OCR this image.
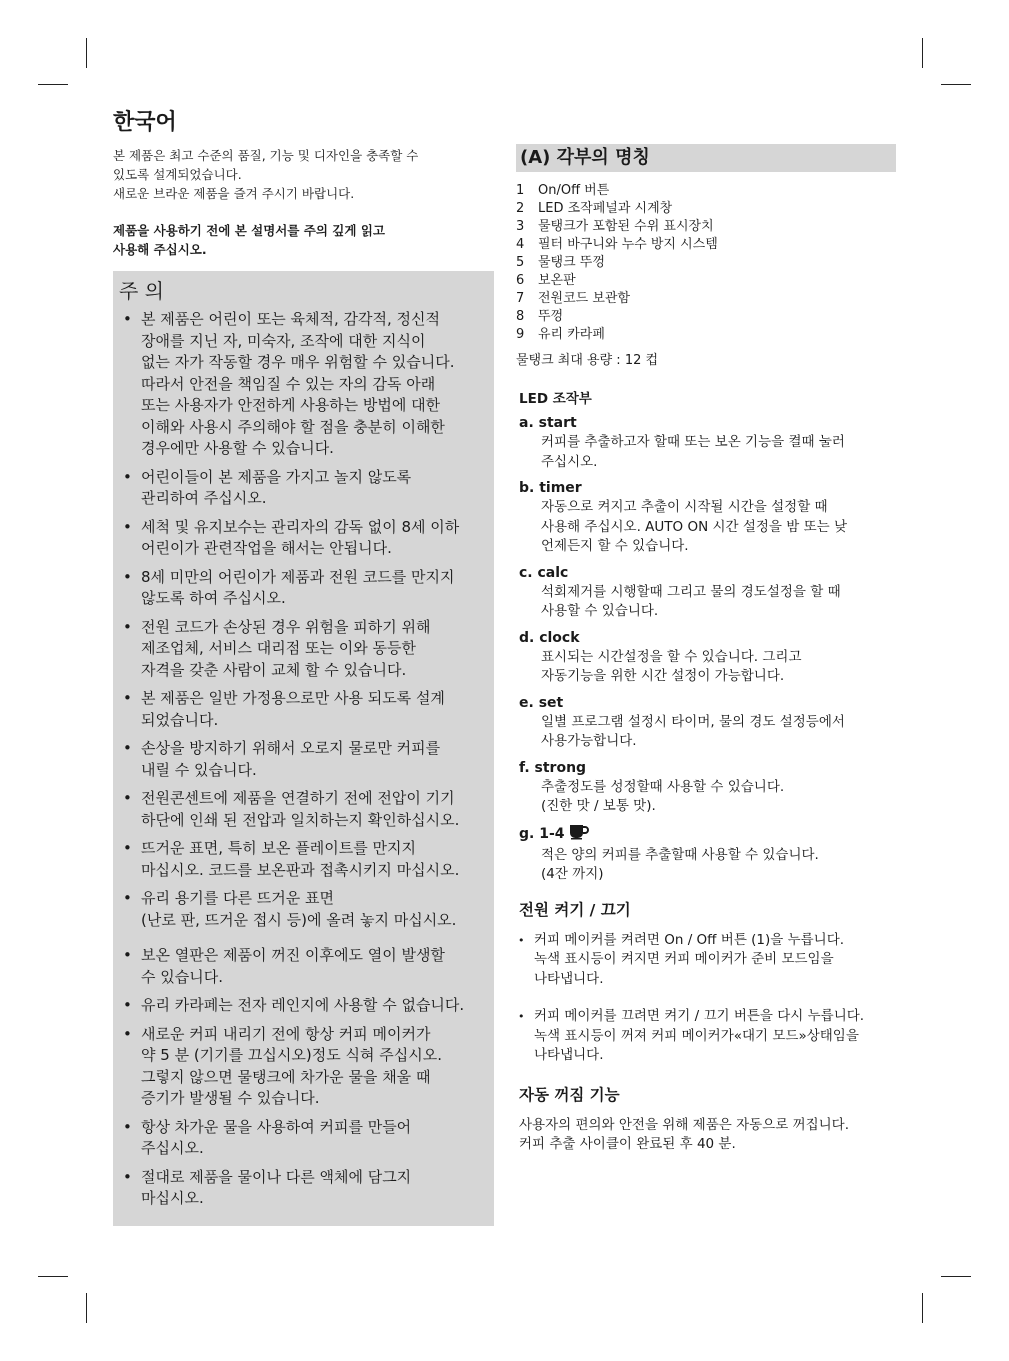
한국어

본 제품은 최고 수준의 품질, 기능 및 디자인을 충족할 수
있도록 설계되었습니다.
새로운 브라운 제품을 즐겨 주시기 바랍니다.

제품을 사용하기 전에 본 설명서를 주의 깊게 읽고
사용해 주십시오.

주 의
• 본 제품은 어린이 또는 육체적, 감각적, 정신적
장애를 지닌 자, 미숙자, 조작에 대한 지식이
없는 자가 작동할 경우 매우 위험할 수 있습니다.
따라서 안전을 책임질 수 있는 자의 감독 아래
또는 사용자가 안전하게 사용하는 방법에 대한
이해와 사용시 주의해야 할 점을 충분히 이해한
경우에만 사용할 수 있습니다.
• 어린이들이 본 제품을 가지고 놀지 않도록
관리하여 주십시오.
• 세척 및 유지보수는 관리자의 감독 없이 8세 이하
어린이가 관련작업을 해서는 안됩니다.
• 8세 미만의 어린이가 제품과 전원 코드를 만지지
않도록 하여 주십시오.
• 전원 코드가 손상된 경우 위험을 피하기 위해
제조업체, 서비스 대리점 또는 이와 동등한
자격을 갖춘 사람이 교체 할 수 있습니다.
• 본 제품은 일반 가정용으로만 사용 되도록 설계
되었습니다.
• 손상을 방지하기 위해서 오로지 물로만 커피를
내릴 수 있습니다.
• 전원콘센트에 제품을 연결하기 전에 전압이 기기
하단에 인쇄 된 전압과 일치하는지 확인하십시오.
• 뜨거운 표면, 특히 보온 플레이트를 만지지
마십시오. 코드를 보온판과 접촉시키지 마십시오.
• 유리 용기를 다른 뜨거운 표면
(난로 판, 뜨거운 접시 등)에 올려 놓지 마십시오.
• 보온 열판은 제품이 꺼진 이후에도 열이 발생할
수 있습니다.
• 유리 카라페는 전자 레인지에 사용할 수 없습니다.
• 새로운 커피 내리기 전에 항상 커피 메이커가
약 5 분 (기기를 끄십시오)정도 식혀 주십시오.
그렇지 않으면 물탱크에 차가운 물을 채울 때
증기가 발생될 수 있습니다.
• 항상 차가운 물을 사용하여 커피를 만들어
주십시오.
• 절대로 제품을 물이나 다른 액체에 담그지
마십시오.
(A) 각부의 명칭
1 On/Off 버튼
2 LED 조작페널과 시계창
3 물탱크가 포함된 수위 표시장치
4 필터 바구니와 누수 방지 시스템
5 물탱크 뚜껑
6 보온판
7 전원코드 보관함
8 뚜껑
9 유리 카라페

물탱크 최대 용량 : 12 컵

LED 조작부
a. start
커피를 추출하고자 할때 또는 보온 기능을 켤때 눌러
주십시오.
b. timer
자동으로 켜지고 추출이 시작될 시간을 설정할 때
사용해 주십시오. AUTO ON 시간 설정을 밤 또는 낮
언제든지 할 수 있습니다.
c. calc
석회제거를 시행할때 그리고 물의 경도설정을 할 때
사용할 수 있습니다.
d. clock
표시되는 시간설정을 할 수 있습니다. 그리고
자동기능을 위한 시간 설정이 가능합니다.
e. set
일별 프로그램 설정시 타이머, 물의 경도 설정등에서
사용가능합니다.
f. strong
추출정도를 성정할때 사용할 수 있습니다.
(진한 맛 / 보통 맛).
g. 1-4
적은 양의 커피를 추출할때 사용할 수 있습니다.
(4잔 까지)
전원 켜기 / 끄기
• 커피 메이커를 켜려면 On / Off 버튼 (1)을 누릅니다.
녹색 표시등이 켜지면 커피 메이커가 준비 모드임을
나타냅니다.
• 커피 메이커를 끄려면 켜기 / 끄기 버튼을 다시 누릅니다.
녹색 표시등이 꺼져 커피 메이커가«대기 모드»상태임을
나타냅니다.
자동 꺼짐 기능

사용자의 편의와 안전을 위해 제품은 자동으로 꺼집니다.
커피 추출 사이클이 완료된 후 40 분.
